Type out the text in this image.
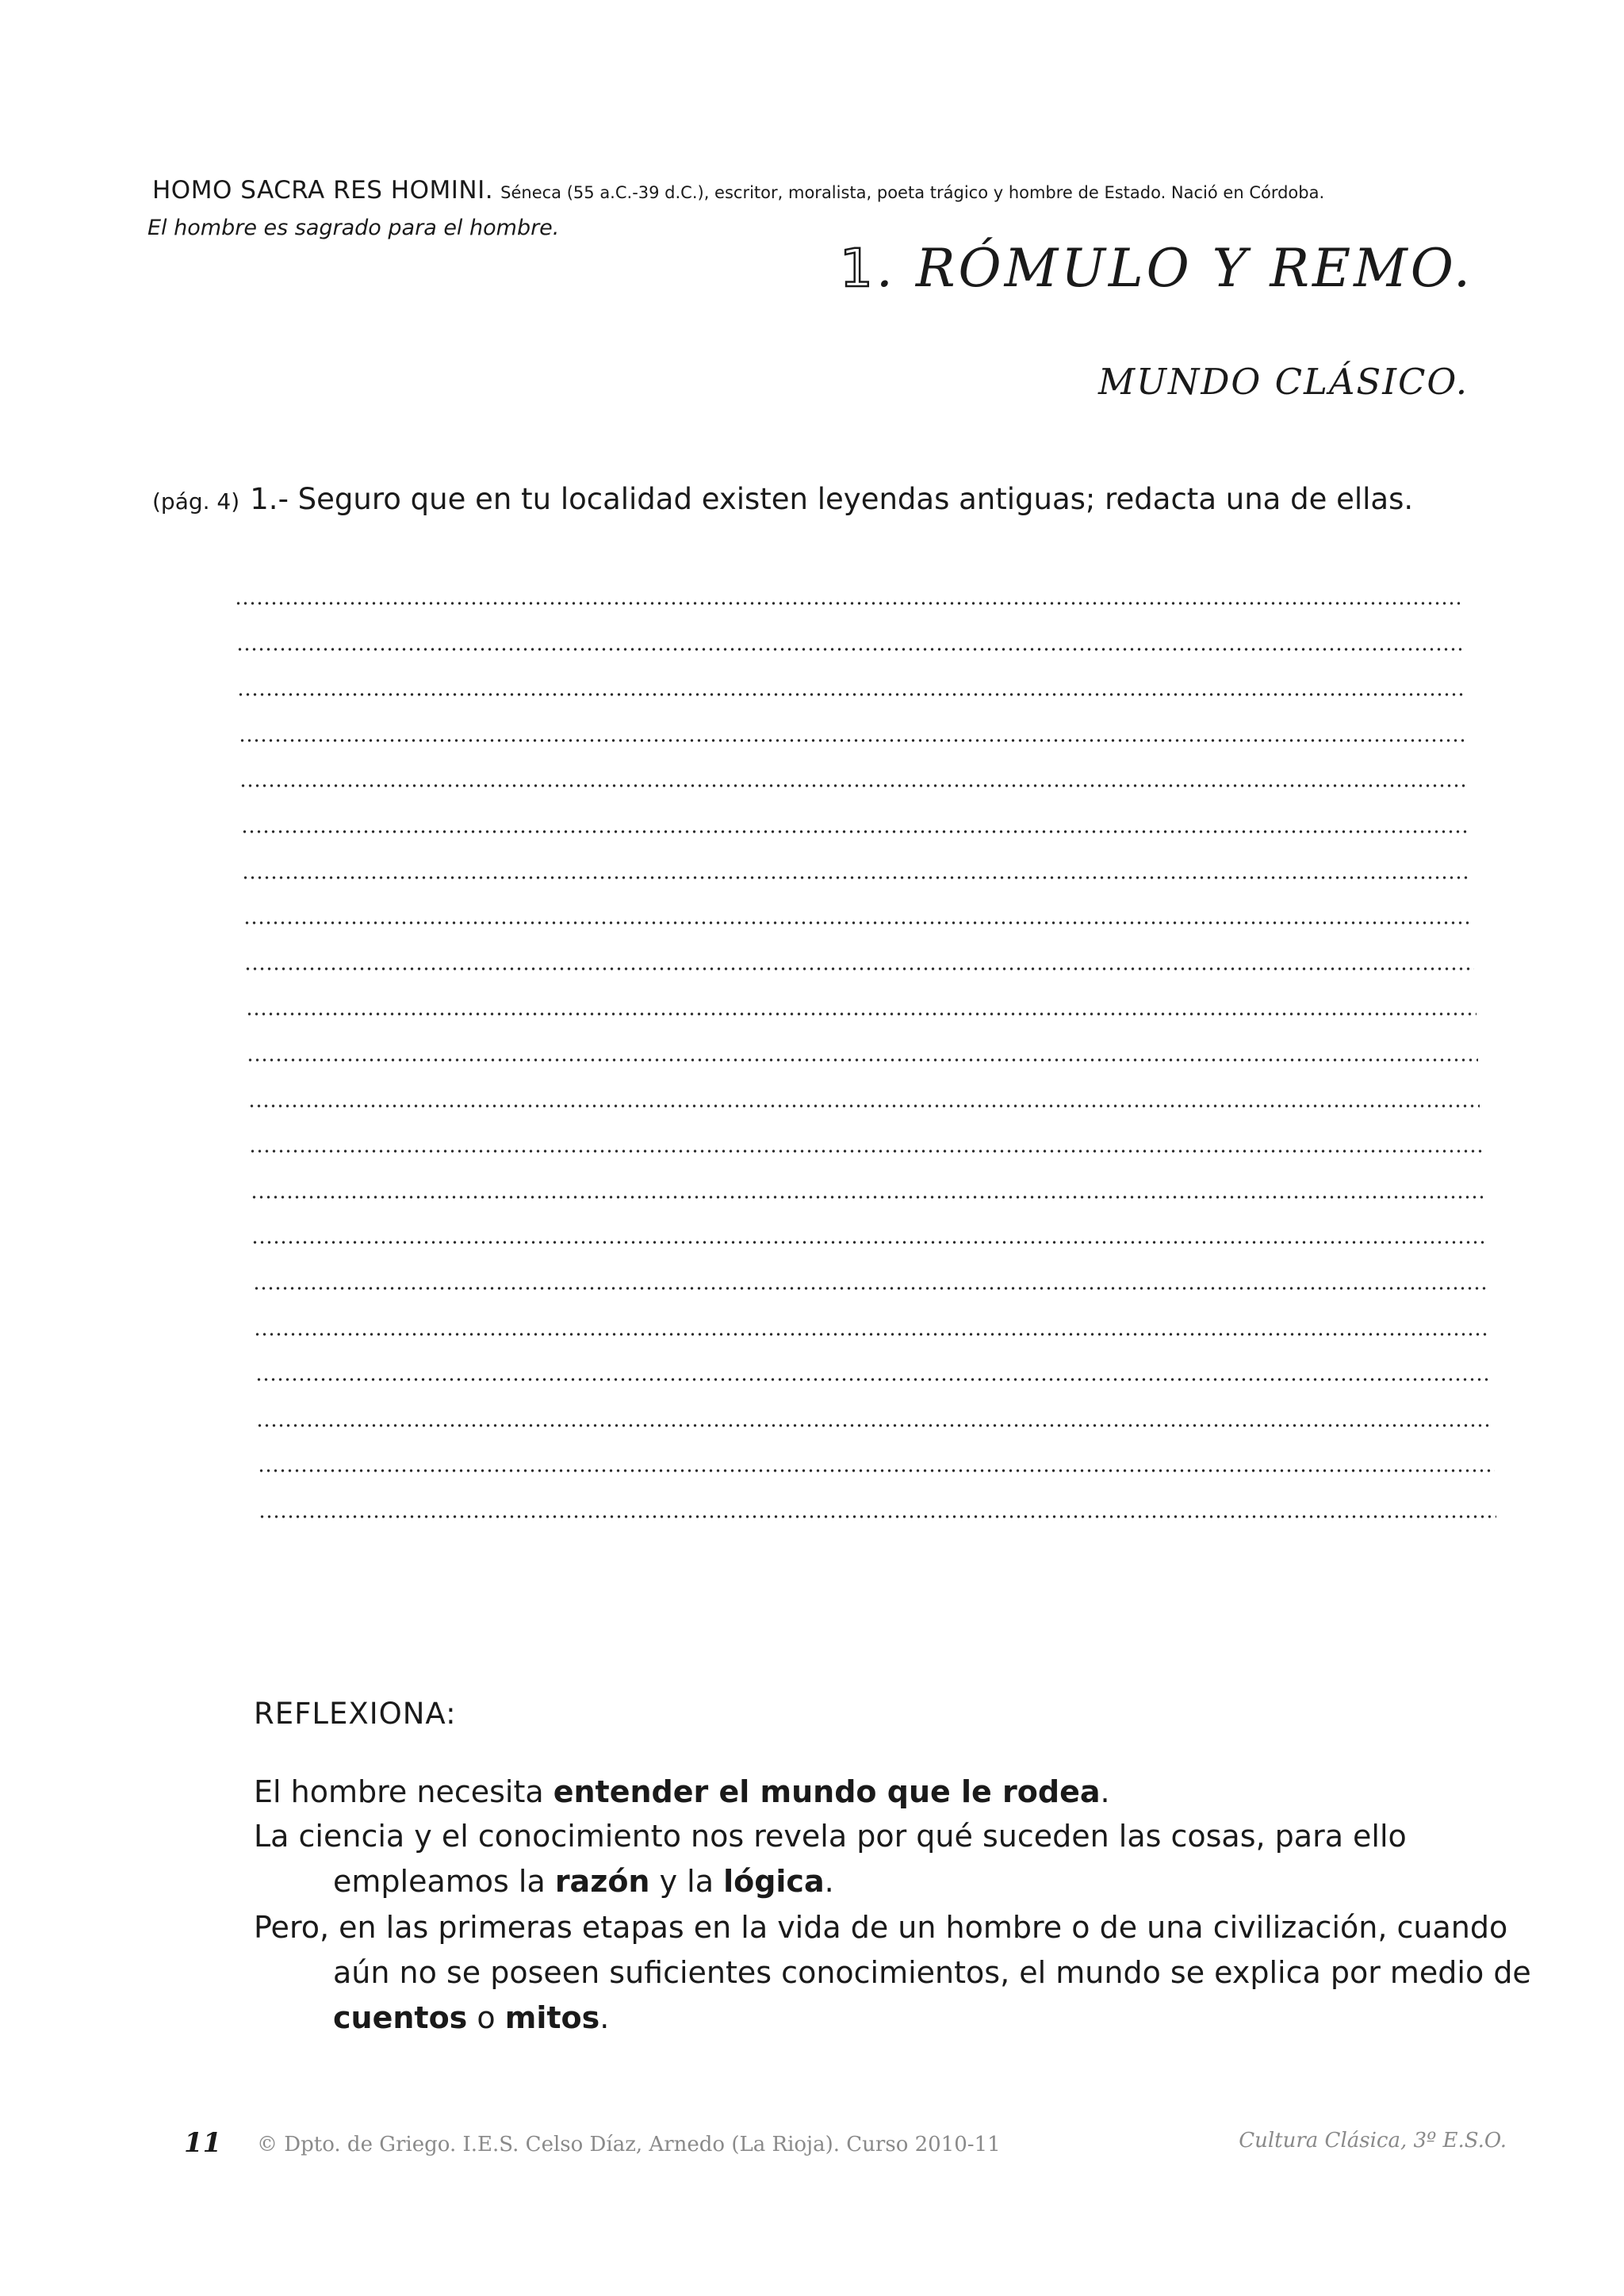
HOMO SACRA RES HOMINI. Séneca (55 a.C.-39 d.C.), escritor, moralista, poeta trágico y hombre de Estado. Nació en Córdoba.
El hombre es sagrado para el hombre.
1. RÓMULO Y REMO.
MUNDO CLÁSICO.
(pág. 4) 1.- Seguro que en tu localidad existen leyendas antiguas; redacta una de ellas.
REFLEXIONA:
El hombre necesita entender el mundo que le rodea.
La ciencia y el conocimiento nos revela por qué suceden las cosas, para ello
empleamos la razón y la lógica.
Pero, en las primeras etapas en la vida de un hombre o de una civilización, cuando
aún no se poseen suficientes conocimientos, el mundo se explica por medio de
cuentos o mitos.
11 © Dpto. de Griego. I.E.S. Celso Díaz, Arnedo (La Rioja). Curso 2010-11	Cultura Clásica, 3º E.S.O.
